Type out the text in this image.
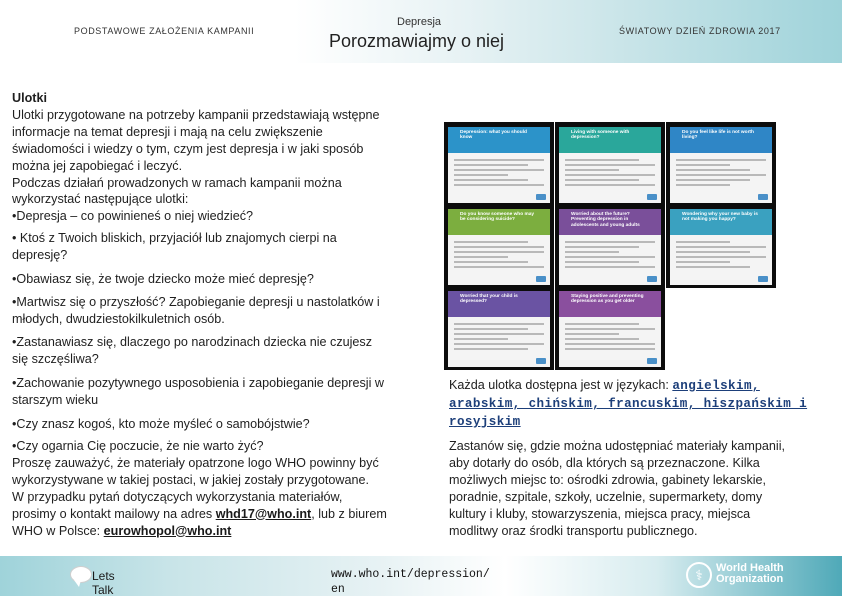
PODSTAWOWE ZAŁOŻENIA KAMPANII
Depresja
Porozmawiajmy o niej	ŚWIATOWY DZIEŃ ZDROWIA 2017
Ulotki
Ulotki przygotowane na potrzeby kampanii przedstawiają wstępne
informacje na temat depresji i mają na celu zwiększenie
świadomości i wiedzy o tym, czym jest depresja i w jaki sposób
można jej zapobiegać i leczyć.
Podczas działań prowadzonych w ramach kampanii można
wykorzystać następujące ulotki:
•Depresja – co powinieneś o niej wiedzieć?
• Ktoś z Twoich bliskich, przyjaciół lub znajomych cierpi na
depresję?
•Obawiasz się, że twoje dziecko może mieć depresję?
•Martwisz się o przyszłość? Zapobieganie depresji u nastolatków i
młodych, dwudziestokilkuletnich osób.
•Zastanawiasz się, dlaczego po narodzinach dziecka nie czujesz
się szczęśliwa?
•Zachowanie pozytywnego usposobienia i zapobieganie depresji w
starszym wieku
•Czy znasz kogoś, kto może myśleć o samobójstwie?
•Czy ogarnia Cię poczucie, że nie warto żyć?
Proszę zauważyć, że materiały opatrzone logo WHO powinny być
wykorzystywane w takiej postaci, w jakiej zostały przygotowane.
W przypadku pytań dotyczących wykorzystania materiałów,
prosimy o kontakt mailowy na adres whd17@who.int, lub z biurem
WHO w Polsce: eurowhopol@who.int
Depression: what you should know
Living with someone with depression?
Do you feel like life is not worth living?
Do you know someone who may be considering suicide?
Worried about the future? Preventing depression in adolescents and young adults
Wondering why your new baby is not making you happy?
Worried that your child is depressed?
Staying positive and preventing depression as you get older
Każda ulotka dostępna jest w językach: angielskim,
arabskim, chińskim, francuskim, hiszpańskim i
rosyjskim
Zastanów się, gdzie można udostępniać materiały kampanii,
aby dotarły do osób, dla których są przeznaczone. Kilka
możliwych miejsc to: ośrodki zdrowia, gabinety lekarskie,
poradnie, szpitale, szkoły, uczelnie, supermarkety, domy
kultury i kluby, stowarzyszenia, miejsca pracy, miejsca
modlitwy oraz środki transportu publicznego.
Lets Talk
www.who.int/depression/
en
⚕	World Health
Organization
